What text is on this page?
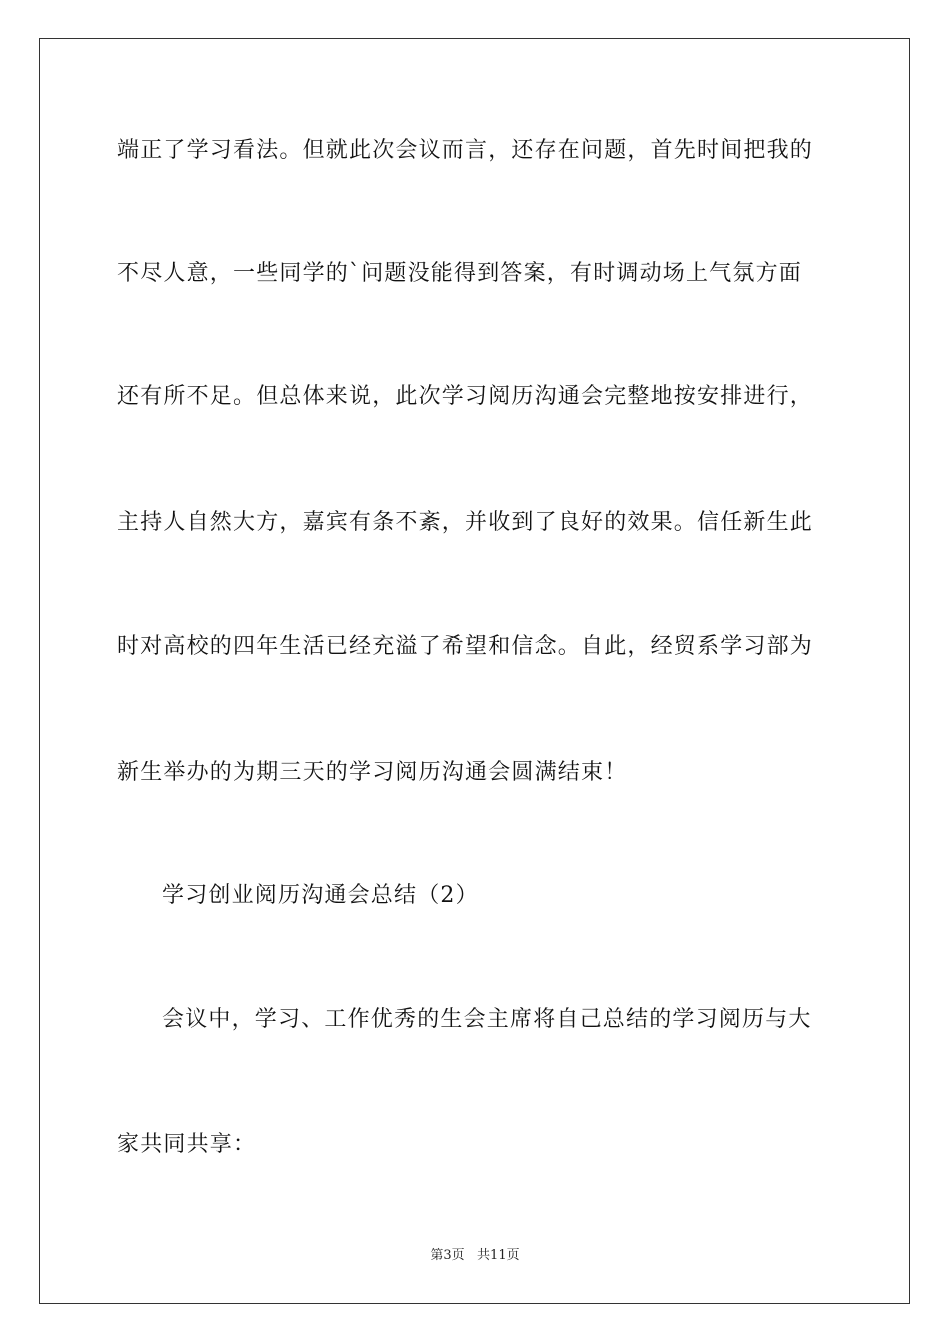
端正了学习看法。但就此次会议而言，还存在问题，首先时间把我的
不尽人意，一些同学的`问题没能得到答案，有时调动场上气氛方面
还有所不足。但总体来说，此次学习阅历沟通会完整地按安排进行，
主持人自然大方，嘉宾有条不紊，并收到了良好的效果。信任新生此
时对高校的四年生活已经充溢了希望和信念。自此，经贸系学习部为
新生举办的为期三天的学习阅历沟通会圆满结束！
学习创业阅历沟通会总结（2）
会议中，学习、工作优秀的生会主席将自己总结的学习阅历与大
家共同共享：
第3页   共11页
